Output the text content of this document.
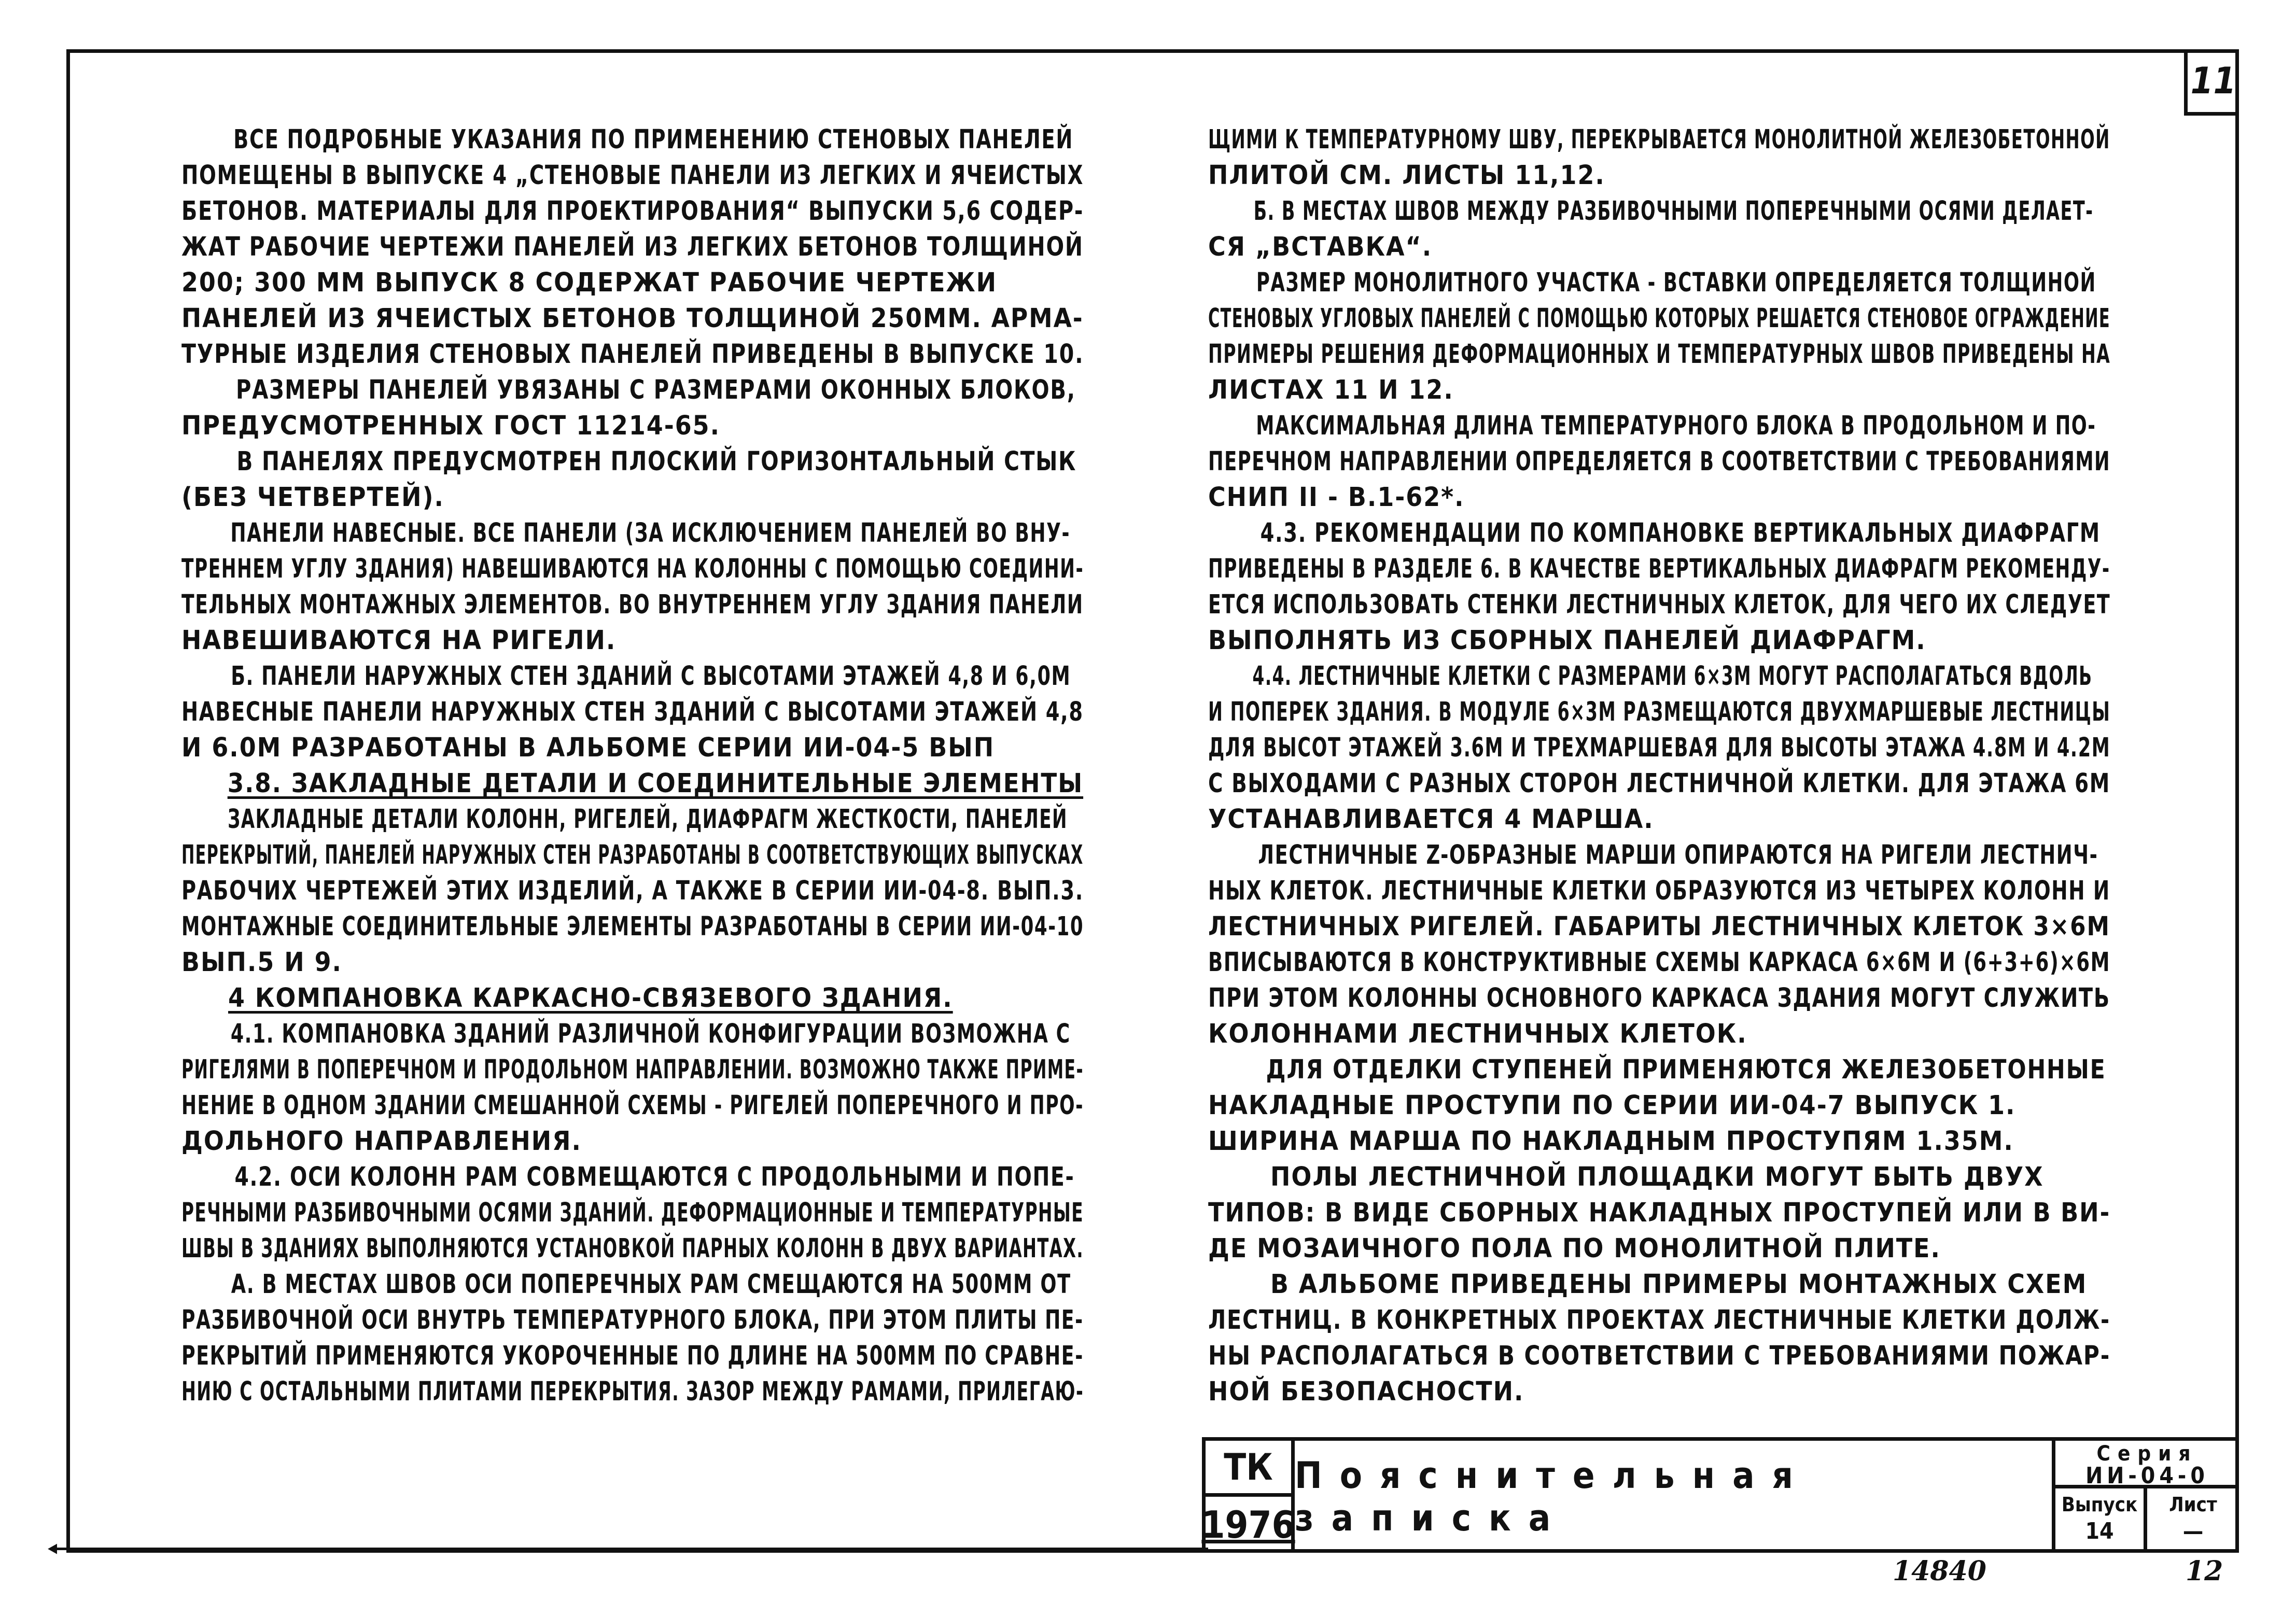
11
ВСЕ ПОДРОБНЫЕ УКАЗАНИЯ ПО ПРИМЕНЕНИЮ СТЕНОВЫХ ПАНЕЛЕЙ
ПОМЕЩЕНЫ В ВЫПУСКЕ 4 „СТЕНОВЫЕ ПАНЕЛИ ИЗ ЛЕГКИХ И ЯЧЕИСТЫХ
БЕТОНОВ. МАТЕРИАЛЫ ДЛЯ ПРОЕКТИРОВАНИЯ“ ВЫПУСКИ 5,6 СОДЕР-
ЖАТ РАБОЧИЕ ЧЕРТЕЖИ ПАНЕЛЕЙ ИЗ ЛЕГКИХ БЕТОНОВ ТОЛЩИНОЙ
200; 300 ММ ВЫПУСК 8 СОДЕРЖАТ РАБОЧИЕ ЧЕРТЕЖИ
ПАНЕЛЕЙ ИЗ ЯЧЕИСТЫХ БЕТОНОВ ТОЛЩИНОЙ 250ММ. АРМА-
ТУРНЫЕ ИЗДЕЛИЯ СТЕНОВЫХ ПАНЕЛЕЙ ПРИВЕДЕНЫ В ВЫПУСКЕ 10.
РАЗМЕРЫ ПАНЕЛЕЙ УВЯЗАНЫ С РАЗМЕРАМИ ОКОННЫХ БЛОКОВ,
ПРЕДУСМОТРЕННЫХ ГОСТ 11214-65.
В ПАНЕЛЯХ ПРЕДУСМОТРЕН ПЛОСКИЙ ГОРИЗОНТАЛЬНЫЙ СТЫК
(БЕЗ ЧЕТВЕРТЕЙ).
ПАНЕЛИ НАВЕСНЫЕ. ВСЕ ПАНЕЛИ (ЗА ИСКЛЮЧЕНИЕМ ПАНЕЛЕЙ ВО ВНУ-
ТРЕННЕМ УГЛУ ЗДАНИЯ) НАВЕШИВАЮТСЯ НА КОЛОННЫ С ПОМОЩЬЮ СОЕДИНИ-
ТЕЛЬНЫХ МОНТАЖНЫХ ЭЛЕМЕНТОВ. ВО ВНУТРЕННЕМ УГЛУ ЗДАНИЯ ПАНЕЛИ
НАВЕШИВАЮТСЯ НА РИГЕЛИ.
Б. ПАНЕЛИ НАРУЖНЫХ СТЕН ЗДАНИЙ С ВЫСОТАМИ ЭТАЖЕЙ 4,8 И 6,0М
НАВЕСНЫЕ ПАНЕЛИ НАРУЖНЫХ СТЕН ЗДАНИЙ С ВЫСОТАМИ ЭТАЖЕЙ 4,8
И 6.0М РАЗРАБОТАНЫ В АЛЬБОМЕ СЕРИИ ИИ-04-5 ВЫП
3.8. ЗАКЛАДНЫЕ ДЕТАЛИ И СОЕДИНИТЕЛЬНЫЕ ЭЛЕМЕНТЫ
ЗАКЛАДНЫЕ ДЕТАЛИ КОЛОНН, РИГЕЛЕЙ, ДИАФРАГМ ЖЕСТКОСТИ, ПАНЕЛЕЙ
ПЕРЕКРЫТИЙ, ПАНЕЛЕЙ НАРУЖНЫХ СТЕН РАЗРАБОТАНЫ В СООТВЕТСТВУЮЩИХ ВЫПУСКАХ
РАБОЧИХ ЧЕРТЕЖЕЙ ЭТИХ ИЗДЕЛИЙ, А ТАКЖЕ В СЕРИИ ИИ-04-8. ВЫП.3.
МОНТАЖНЫЕ СОЕДИНИТЕЛЬНЫЕ ЭЛЕМЕНТЫ РАЗРАБОТАНЫ В СЕРИИ ИИ-04-10
ВЫП.5 И 9.
4 КОМПАНОВКА КАРКАСНО-СВЯЗЕВОГО ЗДАНИЯ.
4.1. КОМПАНОВКА ЗДАНИЙ РАЗЛИЧНОЙ КОНФИГУРАЦИИ ВОЗМОЖНА С
РИГЕЛЯМИ В ПОПЕРЕЧНОМ И ПРОДОЛЬНОМ НАПРАВЛЕНИИ. ВОЗМОЖНО ТАКЖЕ ПРИМЕ-
НЕНИЕ В ОДНОМ ЗДАНИИ СМЕШАННОЙ СХЕМЫ - РИГЕЛЕЙ ПОПЕРЕЧНОГО И ПРО-
ДОЛЬНОГО НАПРАВЛЕНИЯ.
4.2. ОСИ КОЛОНН РАМ СОВМЕЩАЮТСЯ С ПРОДОЛЬНЫМИ И ПОПЕ-
РЕЧНЫМИ РАЗБИВОЧНЫМИ ОСЯМИ ЗДАНИЙ. ДЕФОРМАЦИОННЫЕ И ТЕМПЕРАТУРНЫЕ
ШВЫ В ЗДАНИЯХ ВЫПОЛНЯЮТСЯ УСТАНОВКОЙ ПАРНЫХ КОЛОНН В ДВУХ ВАРИАНТАХ.
А. В МЕСТАХ ШВОВ ОСИ ПОПЕРЕЧНЫХ РАМ СМЕЩАЮТСЯ НА 500ММ ОТ
РАЗБИВОЧНОЙ ОСИ ВНУТРЬ ТЕМПЕРАТУРНОГО БЛОКА, ПРИ ЭТОМ ПЛИТЫ ПЕ-
РЕКРЫТИЙ ПРИМЕНЯЮТСЯ УКОРОЧЕННЫЕ ПО ДЛИНЕ НА 500ММ ПО СРАВНЕ-
НИЮ С ОСТАЛЬНЫМИ ПЛИТАМИ ПЕРЕКРЫТИЯ. ЗАЗОР МЕЖДУ РАМАМИ, ПРИЛЕГАЮ-
ЩИМИ К ТЕМПЕРАТУРНОМУ ШВУ, ПЕРЕКРЫВАЕТСЯ МОНОЛИТНОЙ ЖЕЛЕЗОБЕТОННОЙ
ПЛИТОЙ СМ. ЛИСТЫ 11,12.
Б. В МЕСТАХ ШВОВ МЕЖДУ РАЗБИВОЧНЫМИ ПОПЕРЕЧНЫМИ ОСЯМИ ДЕЛАЕТ-
СЯ „ВСТАВКА“.
РАЗМЕР МОНОЛИТНОГО УЧАСТКА - ВСТАВКИ ОПРЕДЕЛЯЕТСЯ ТОЛЩИНОЙ
СТЕНОВЫХ УГЛОВЫХ ПАНЕЛЕЙ С ПОМОЩЬЮ КОТОРЫХ РЕШАЕТСЯ СТЕНОВОЕ ОГРАЖДЕНИЕ
ПРИМЕРЫ РЕШЕНИЯ ДЕФОРМАЦИОННЫХ И ТЕМПЕРАТУРНЫХ ШВОВ ПРИВЕДЕНЫ НА
ЛИСТАХ 11 И 12.
МАКСИМАЛЬНАЯ ДЛИНА ТЕМПЕРАТУРНОГО БЛОКА В ПРОДОЛЬНОМ И ПО-
ПЕРЕЧНОМ НАПРАВЛЕНИИ ОПРЕДЕЛЯЕТСЯ В СООТВЕТСТВИИ С ТРЕБОВАНИЯМИ
СНИП II - В.1-62*.
4.3. РЕКОМЕНДАЦИИ ПО КОМПАНОВКЕ ВЕРТИКАЛЬНЫХ ДИАФРАГМ
ПРИВЕДЕНЫ В РАЗДЕЛЕ 6. В КАЧЕСТВЕ ВЕРТИКАЛЬНЫХ ДИАФРАГМ РЕКОМЕНДУ-
ЕТСЯ ИСПОЛЬЗОВАТЬ СТЕНКИ ЛЕСТНИЧНЫХ КЛЕТОК, ДЛЯ ЧЕГО ИХ СЛЕДУЕТ
ВЫПОЛНЯТЬ ИЗ СБОРНЫХ ПАНЕЛЕЙ ДИАФРАГМ.
4.4. ЛЕСТНИЧНЫЕ КЛЕТКИ С РАЗМЕРАМИ 6×3М МОГУТ РАСПОЛАГАТЬСЯ ВДОЛЬ
И ПОПЕРЕК ЗДАНИЯ. В МОДУЛЕ 6×3М РАЗМЕЩАЮТСЯ ДВУХМАРШЕВЫЕ ЛЕСТНИЦЫ
ДЛЯ ВЫСОТ ЭТАЖЕЙ 3.6М И ТРЕХМАРШЕВАЯ ДЛЯ ВЫСОТЫ ЭТАЖА 4.8М И 4.2М
С ВЫХОДАМИ С РАЗНЫХ СТОРОН ЛЕСТНИЧНОЙ КЛЕТКИ. ДЛЯ ЭТАЖА 6М
УСТАНАВЛИВАЕТСЯ 4 МАРША.
ЛЕСТНИЧНЫЕ Z-ОБРАЗНЫЕ МАРШИ ОПИРАЮТСЯ НА РИГЕЛИ ЛЕСТНИЧ-
НЫХ КЛЕТОК. ЛЕСТНИЧНЫЕ КЛЕТКИ ОБРАЗУЮТСЯ ИЗ ЧЕТЫРЕХ КОЛОНН И
ЛЕСТНИЧНЫХ РИГЕЛЕЙ. ГАБАРИТЫ ЛЕСТНИЧНЫХ КЛЕТОК 3×6М
ВПИСЫВАЮТСЯ В КОНСТРУКТИВНЫЕ СХЕМЫ КАРКАСА 6×6М И (6+3+6)×6М
ПРИ ЭТОМ КОЛОННЫ ОСНОВНОГО КАРКАСА ЗДАНИЯ МОГУТ СЛУЖИТЬ
КОЛОННАМИ ЛЕСТНИЧНЫХ КЛЕТОК.
ДЛЯ ОТДЕЛКИ СТУПЕНЕЙ ПРИМЕНЯЮТСЯ ЖЕЛЕЗОБЕТОННЫЕ
НАКЛАДНЫЕ ПРОСТУПИ ПО СЕРИИ ИИ-04-7 ВЫПУСК 1.
ШИРИНА МАРША ПО НАКЛАДНЫМ ПРОСТУПЯМ 1.35М.
ПОЛЫ ЛЕСТНИЧНОЙ ПЛОЩАДКИ МОГУТ БЫТЬ ДВУХ
ТИПОВ: В ВИДЕ СБОРНЫХ НАКЛАДНЫХ ПРОСТУПЕЙ ИЛИ В ВИ-
ДЕ МОЗАИЧНОГО ПОЛА ПО МОНОЛИТНОЙ ПЛИТЕ.
В АЛЬБОМЕ ПРИВЕДЕНЫ ПРИМЕРЫ МОНТАЖНЫХ СХЕМ
ЛЕСТНИЦ. В КОНКРЕТНЫХ ПРОЕКТАХ ЛЕСТНИЧНЫЕ КЛЕТКИ ДОЛЖ-
НЫ РАСПОЛАГАТЬСЯ В СООТВЕТСТВИИ С ТРЕБОВАНИЯМИ ПОЖАР-
НОЙ БЕЗОПАСНОСТИ.
ТК
1976
Пояснительная записка
Серия
ИИ-04-0
Выпуск
14
Лист
—
◂
14840	12
